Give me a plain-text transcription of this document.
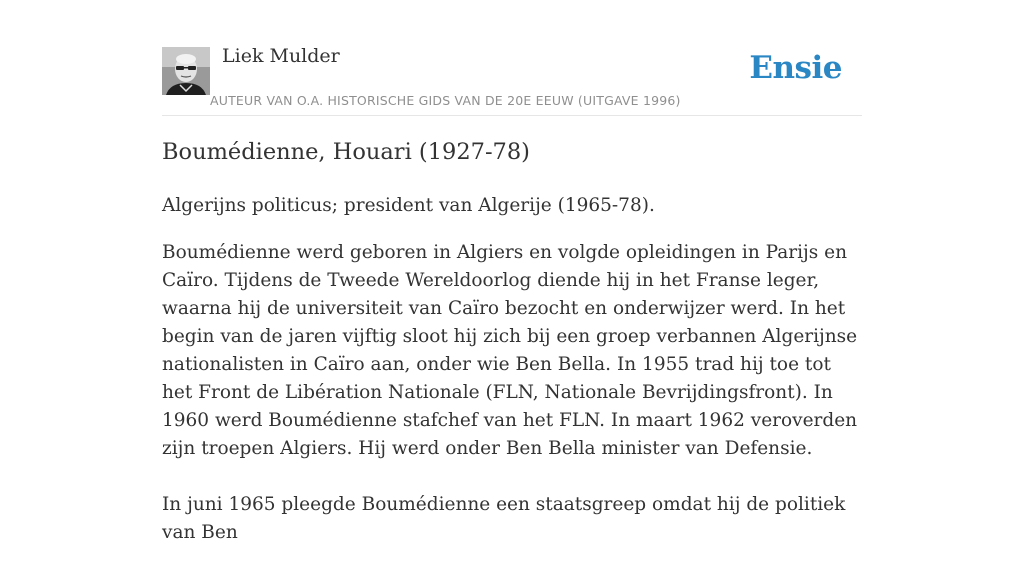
Liek Mulder
AUTEUR VAN O.A. HISTORISCHE GIDS VAN DE 20E EEUW (UITGAVE 1996)
Ensie
Boumédienne, Houari (1927-78)

Algerijns politicus; president van Algerije (1965-78).

Boumédienne werd geboren in Algiers en volgde opleidingen in Parijs en Caïro. Tijdens de Tweede Wereldoorlog diende hij in het Franse leger, waarna hij de universiteit van Caïro bezocht en onderwijzer werd. In het begin van de jaren vijftig sloot hij zich bij een groep verbannen Algerijnse nationalisten in Caïro aan, onder wie Ben Bella. In 1955 trad hij toe tot het Front de Libération Nationale (FLN, Nationale Bevrijdingsfront). In 1960 werd Boumédienne stafchef van het FLN. In maart 1962 veroverden zijn troepen Algiers. Hij werd onder Ben Bella minister van Defensie.

In juni 1965 pleegde Boumédienne een staatsgreep omdat hij de politiek van Ben
